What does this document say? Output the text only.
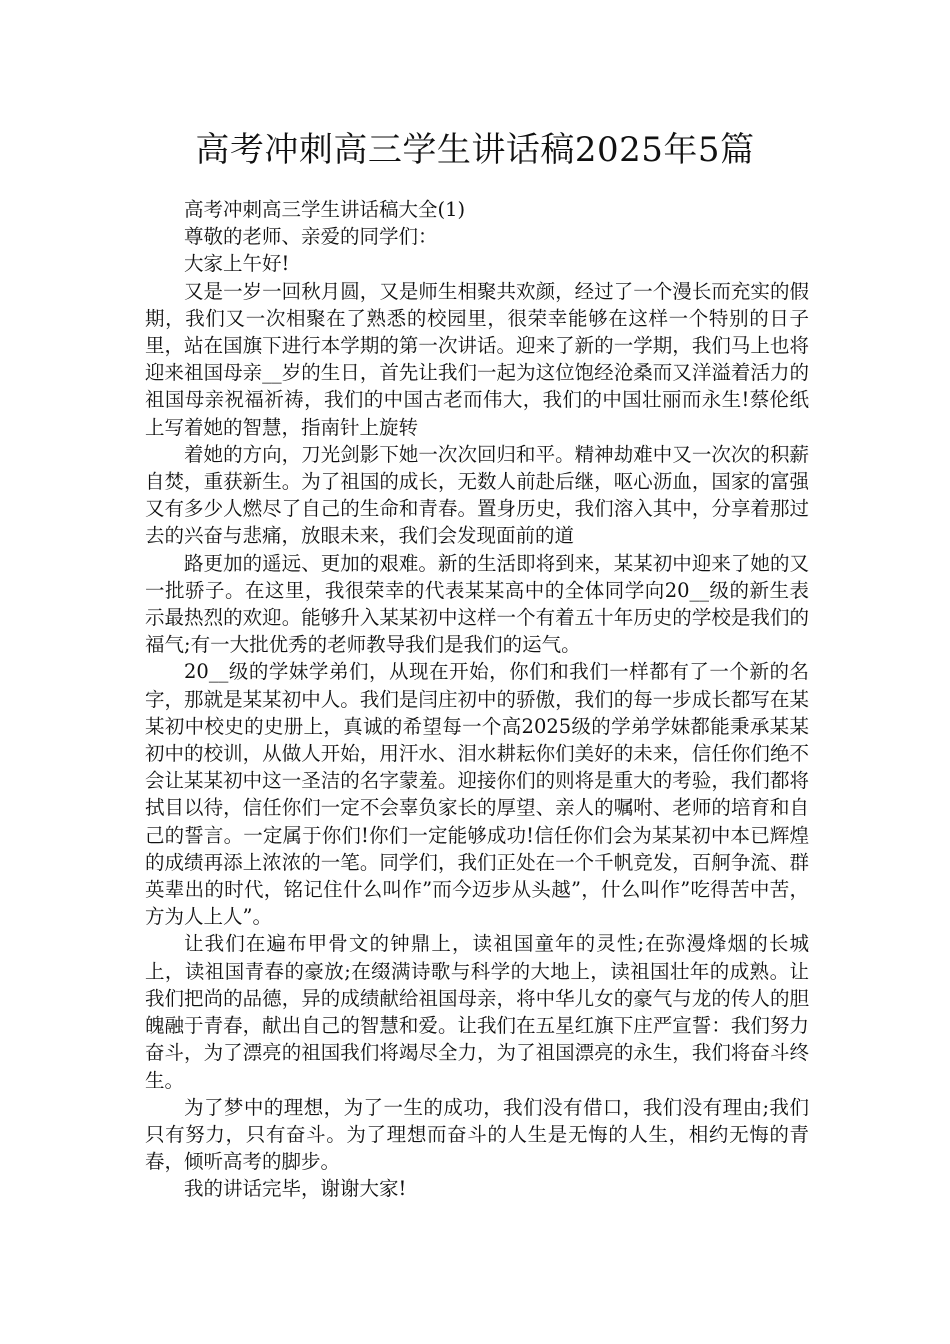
高考冲刺高三学生讲话稿2025年5篇

高考冲刺高三学生讲话稿大全(1)

尊敬的老师、亲爱的同学们：

大家上午好!

又是一岁一回秋月圆，又是师生相聚共欢颜，经过了一个漫长而充实的假期，我们又一次相聚在了熟悉的校园里，很荣幸能够在这样一个特别的日子里，站在国旗下进行本学期的第一次讲话。迎来了新的一学期，我们马上也将迎来祖国母亲__岁的生日，首先让我们一起为这位饱经沧桑而又洋溢着活力的祖国母亲祝福祈祷，我们的中国古老而伟大，我们的中国壮丽而永生!蔡伦纸上写着她的智慧，指南针上旋转

着她的方向，刀光剑影下她一次次回归和平。精神劫难中又一次次的积薪自焚，重获新生。为了祖国的成长，无数人前赴后继，呕心沥血，国家的富强又有多少人燃尽了自己的生命和青春。置身历史，我们溶入其中，分享着那过去的兴奋与悲痛，放眼未来，我们会发现面前的道

路更加的遥远、更加的艰难。新的生活即将到来，某某初中迎来了她的又一批骄子。在这里，我很荣幸的代表某某高中的全体同学向20__级的新生表示最热烈的欢迎。能够升入某某初中这样一个有着五十年历史的学校是我们的福气;有一大批优秀的老师教导我们是我们的运气。

20__级的学妹学弟们，从现在开始，你们和我们一样都有了一个新的名字，那就是某某初中人。我们是闫庄初中的骄傲，我们的每一步成长都写在某某初中校史的史册上，真诚的希望每一个高2025级的学弟学妹都能秉承某某初中的校训，从做人开始，用汗水、泪水耕耘你们美好的未来，信任你们绝不会让某某初中这一圣洁的名字蒙羞。迎接你们的则将是重大的考验，我们都将拭目以待，信任你们一定不会辜负家长的厚望、亲人的嘱咐、老师的培育和自己的誓言。一定属于你们!你们一定能够成功!信任你们会为某某初中本已辉煌的成绩再添上浓浓的一笔。同学们，我们正处在一个千帆竞发，百舸争流、群英辈出的时代，铭记住什么叫作”而今迈步从头越”，什么叫作”吃得苦中苦，方为人上人”。

让我们在遍布甲骨文的钟鼎上，读祖国童年的灵性;在弥漫烽烟的长城上，读祖国青春的豪放;在缀满诗歌与科学的大地上，读祖国壮年的成熟。让我们把尚的品德，异的成绩献给祖国母亲，将中华儿女的豪气与龙的传人的胆魄融于青春，献出自己的智慧和爱。让我们在五星红旗下庄严宣誓：我们努力奋斗，为了漂亮的祖国我们将竭尽全力，为了祖国漂亮的永生，我们将奋斗终生。

为了梦中的理想，为了一生的成功，我们没有借口，我们没有理由;我们只有努力，只有奋斗。为了理想而奋斗的人生是无悔的人生，相约无悔的青春，倾听高考的脚步。

我的讲话完毕，谢谢大家!
